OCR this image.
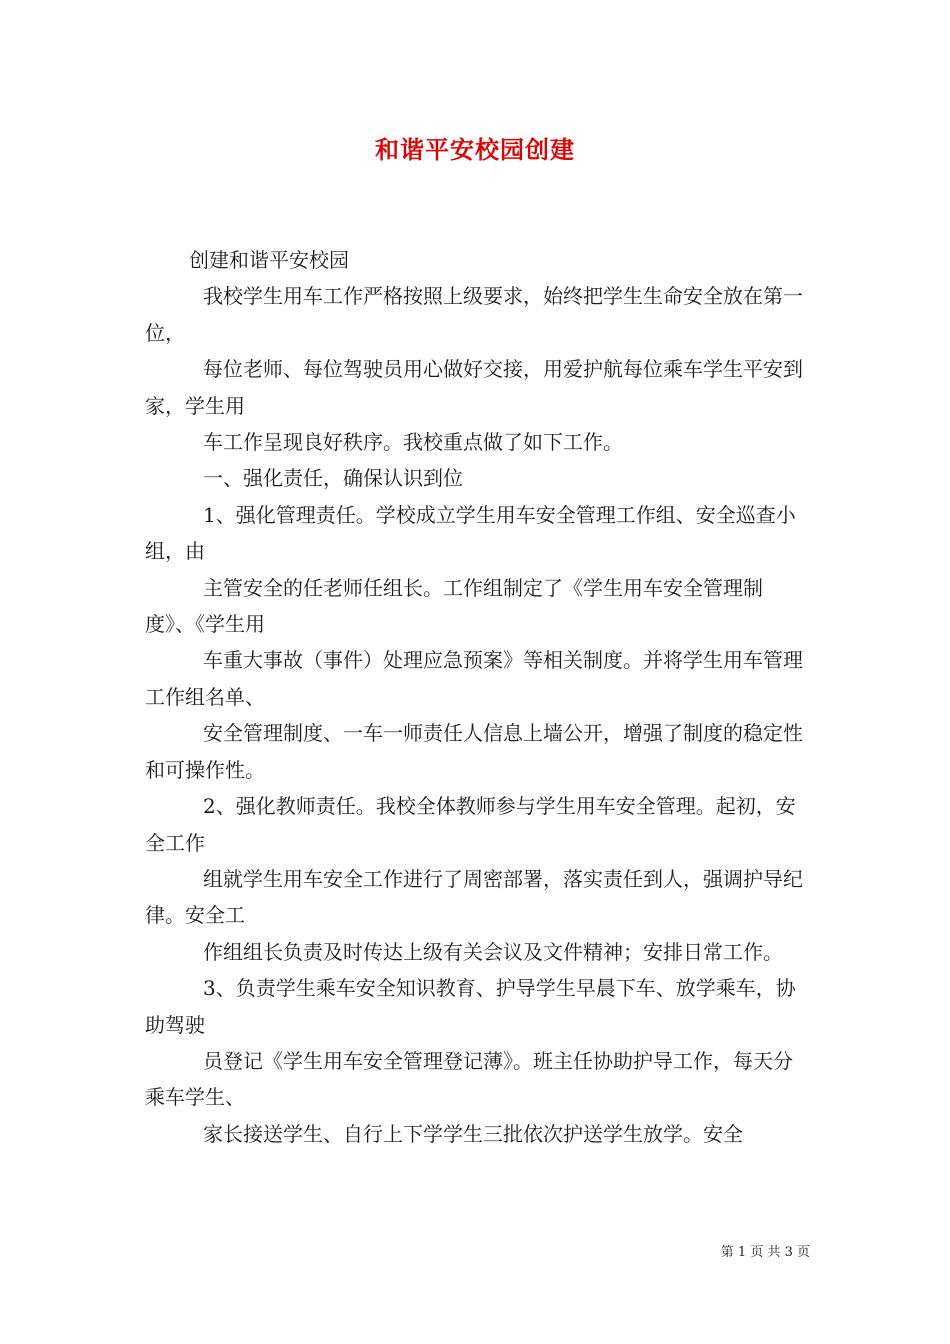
和谐平安校园创建

创建和谐平安校园

我校学生用车工作严格按照上级要求，始终把学生生命安全放在第一位，

每位老师、每位驾驶员用心做好交接，用爱护航每位乘车学生平安到家，学生用

车工作呈现良好秩序。我校重点做了如下工作。

一、强化责任，确保认识到位

1、强化管理责任。学校成立学生用车安全管理工作组、安全巡查小组，由

主管安全的任老师任组长。工作组制定了《学生用车安全管理制度》、《学生用

车重大事故（事件）处理应急预案》等相关制度。并将学生用车管理工作组名单、

安全管理制度、一车一师责任人信息上墙公开，增强了制度的稳定性和可操作性。

2、强化教师责任。我校全体教师参与学生用车安全管理。起初，安全工作

组就学生用车安全工作进行了周密部署，落实责任到人，强调护导纪律。安全工

作组组长负责及时传达上级有关会议及文件精神；安排日常工作。

3、负责学生乘车安全知识教育、护导学生早晨下车、放学乘车，协助驾驶

员登记《学生用车安全管理登记薄》。班主任协助护导工作，每天分乘车学生、

家长接送学生、自行上下学学生三批依次护送学生放学。安全

第 1 页 共 3 页
